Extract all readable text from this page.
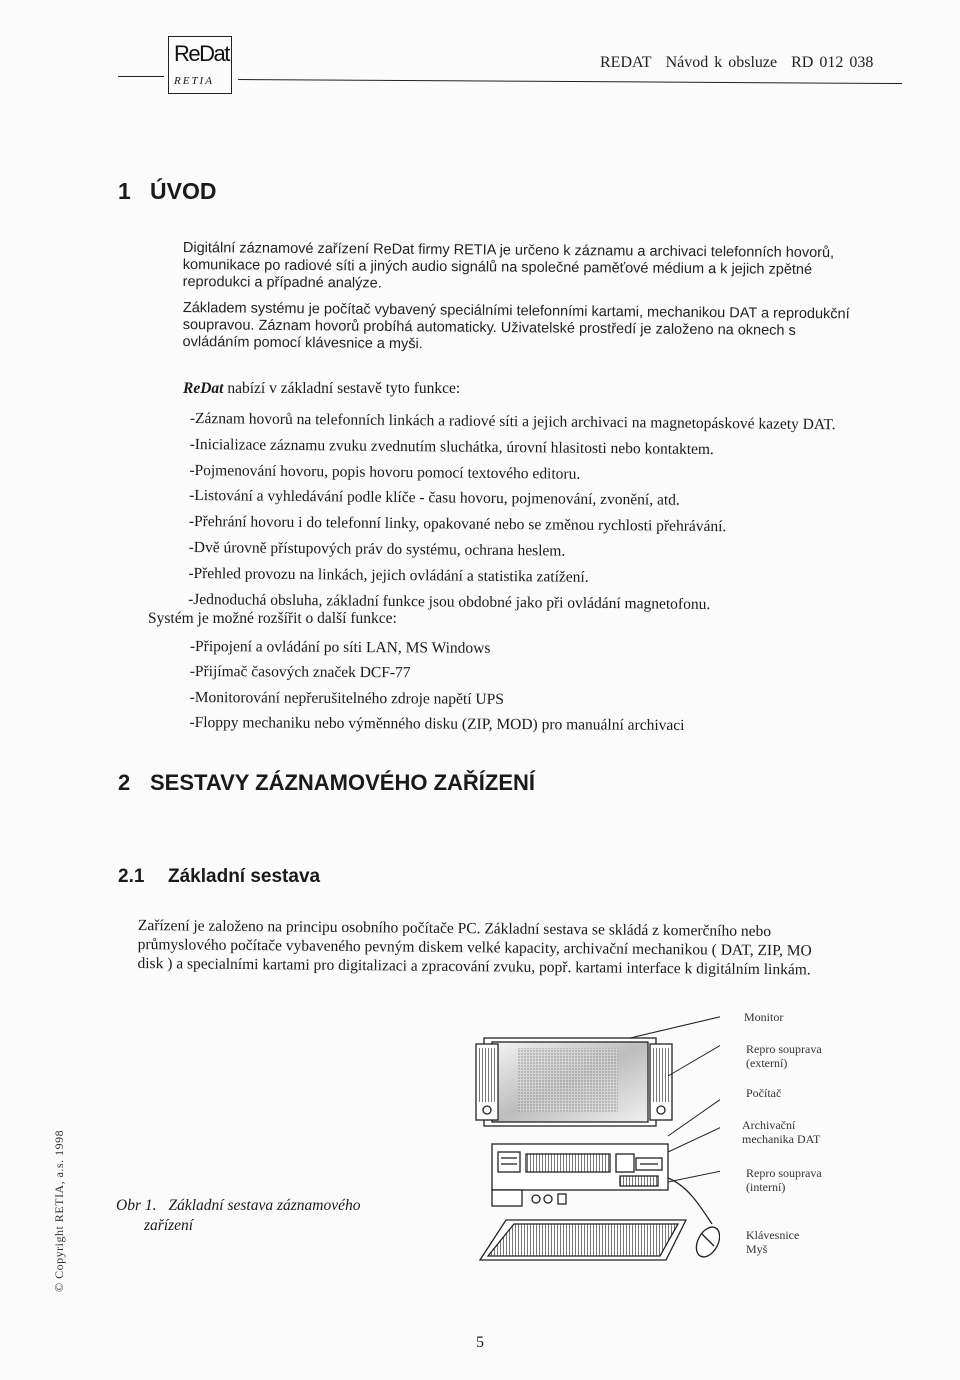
ReDat
RETIA
REDAT Návod k obsluze RD 012 038
1 ÚVOD

Digitální záznamové zařízení ReDat firmy RETIA je určeno k záznamu a archivaci telefonních hovorů,

komunikace po radiové síti a jiných audio signálů na společné paměťové médium a k jejich zpětné

reprodukci a případné analýze.

Základem systému je počítač vybavený speciálními telefonními kartami, mechanikou DAT a reprodukční

soupravou. Záznam hovorů probíhá automaticky. Uživatelské prostředí je založeno na oknech s

ovládáním pomocí klávesnice a myši.

ReDat nabízí v základní sestavě tyto funkce:
-Záznam hovorů na telefonních linkách a radiové síti a jejich archivaci na magnetopáskové kazety DAT.
-Inicializace záznamu zvuku zvednutím sluchátka, úrovní hlasitosti nebo kontaktem.
-Pojmenování hovoru, popis hovoru pomocí textového editoru.
-Listování a vyhledávání podle klíče - času hovoru, pojmenování, zvonění, atd.
-Přehrání hovoru i do telefonní linky, opakované nebo se změnou rychlosti přehrávání.
-Dvě úrovně přístupových práv do systému, ochrana heslem.
-Přehled provozu na linkách, jejich ovládání a statistika zatížení.
-Jednoduchá obsluha, základní funkce jsou obdobné jako při ovládání magnetofonu.
Systém je možné rozšířit o další funkce:
-Připojení a ovládání po síti LAN, MS Windows
-Přijímač časových značek DCF-77
-Monitorování nepřerušitelného zdroje napětí UPS
-Floppy mechaniku nebo výměnného disku (ZIP, MOD) pro manuální archivaci
2 SESTAVY ZÁZNAMOVÉHO ZAŘÍZENÍ
2.1 Základní sestava
Zařízení je založeno na principu osobního počítače PC. Základní sestava se skládá z komerčního nebo
průmyslového počítače vybaveného pevným diskem velké kapacity, archivační mechanikou ( DAT, ZIP, MO
disk ) a specialními kartami pro digitalizaci a zpracování zvuku, popř. kartami interface k digitálním linkám.
Obr 1. Základní sestava záznamového
zařízení
Monitor
Repro souprava
(externí)
Počítač
Archivační
mechanika DAT
Repro souprava
(interní)
Klávesnice
Myš
© Copyright RETIA, a.s. 1998
5
